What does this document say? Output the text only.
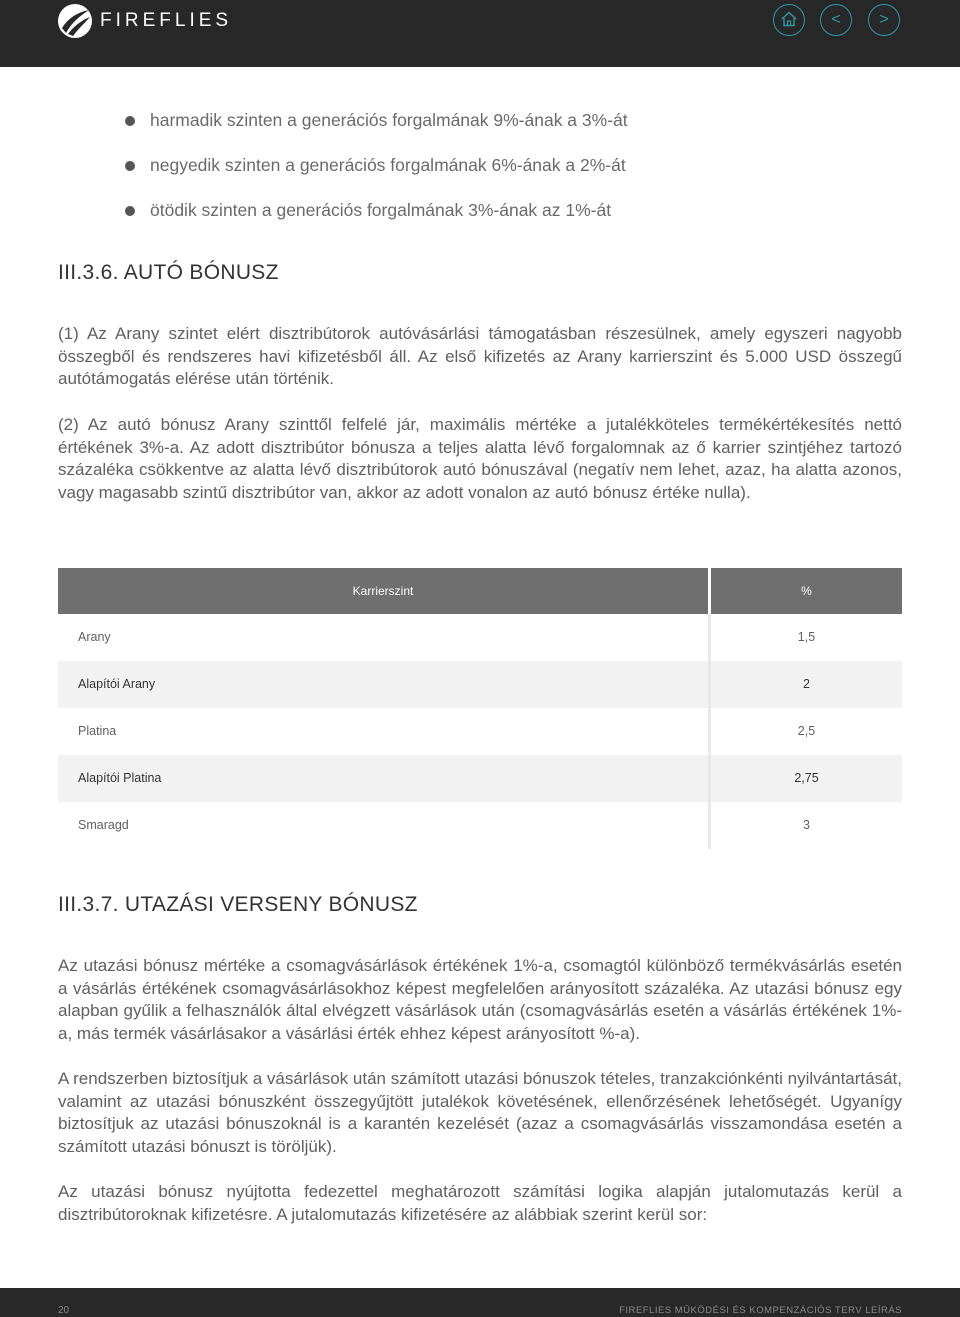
FIREFLIES	<	>
harmadik szinten a generációs forgalmának 9%-ának a 3%-át
negyedik szinten a generációs forgalmának 6%-ának a 2%-át
ötödik szinten a generációs forgalmának 3%-ának az 1%-át
III.3.6. AUTÓ BÓNUSZ
(1) Az Arany szintet elért disztribútorok autóvásárlási támogatásban részesülnek, amely egyszeri nagyobb összegből és rendszeres havi kifizetésből áll. Az első kifizetés az Arany karrierszint és 5.000 USD összegű autótámogatás elérése után történik.
(2) Az autó bónusz Arany szinttől felfelé jár, maximális mértéke a jutalékköteles termékértékesítés nettó értékének 3%-a. Az adott disztribútor bónusza a teljes alatta lévő forgalomnak az ő karrier szintjéhez tartozó százaléka csökkentve az alatta lévő disztribútorok autó bónuszával (negatív nem lehet, azaz, ha alatta azonos, vagy magasabb szintű disztribútor van, akkor az adott vonalon az autó bónusz értéke nulla).
Karrierszint	%
Arany	1,5
Alapítói Arany	2
Platina	2,5
Alapítói Platina	2,75
Smaragd	3
III.3.7. UTAZÁSI VERSENY BÓNUSZ
Az utazási bónusz mértéke a csomagvásárlások értékének 1%-a, csomagtól különböző termékvásárlás esetén a vásárlás értékének csomagvásárlásokhoz képest megfelelően arányosított százaléka. Az utazási bónusz egy alapban gyűlik a felhasználók által elvégzett vásárlások után (csomagvásárlás esetén a vásárlás értékének 1%-a, más termék vásárlásakor a vásárlási érték ehhez képest arányosított %-a).
A rendszerben biztosítjuk a vásárlások után számított utazási bónuszok tételes, tranzakciónkénti nyilvántartását, valamint az utazási bónuszként összegyűjtött jutalékok követésének, ellenőrzésének lehetőségét. Ugyanígy biztosítjuk az utazási bónuszoknál is a karantén kezelését (azaz a csomagvásárlás visszamondása esetén a számított utazási bónuszt is töröljük).
Az utazási bónusz nyújtotta fedezettel meghatározott számítási logika alapján jutalomutazás kerül a disztribútoroknak kifizetésre. A jutalomutazás kifizetésére az alábbiak szerint kerül sor:
20	FIREFLIES MŰKÖDÉSI ÉS KOMPENZÁCIÓS TERV LEÍRÁS
